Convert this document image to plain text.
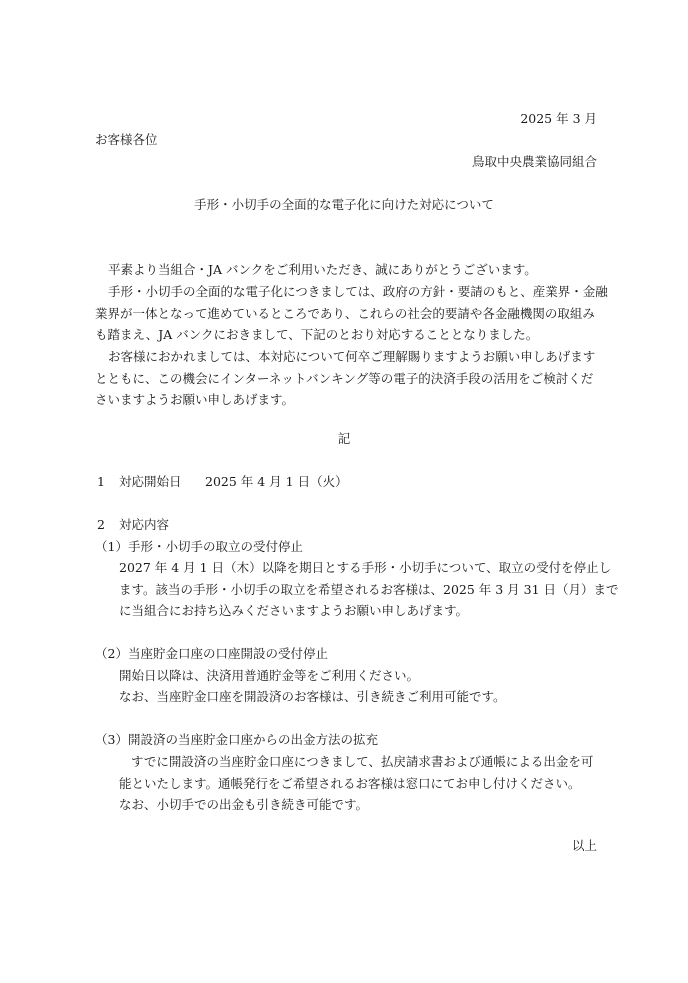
2025 年 3 月
お客様各位
鳥取中央農業協同組合
手形・小切手の全面的な電子化に向けた対応について
平素より当組合・JA バンクをご利用いただき、誠にありがとうございます。
手形・小切手の全面的な電子化につきましては、政府の方針・要請のもと、産業界・金融
業界が一体となって進めているところであり、これらの社会的要請や各金融機関の取組み
も踏まえ、JA バンクにおきまして、下記のとおり対応することとなりました。
お客様におかれましては、本対応について何卒ご理解賜りますようお願い申しあげます
とともに、この機会にインターネットバンキング等の電子的決済手段の活用をご検討くだ
さいますようお願い申しあげます。
記
1 対応開始日 2025 年 4 月 1 日（火）
2 対応内容
（1）手形・小切手の取立の受付停止
2027 年 4 月 1 日（木）以降を期日とする手形・小切手について、取立の受付を停止し
ます。該当の手形・小切手の取立を希望されるお客様は、2025 年 3 月 31 日（月）まで
に当組合にお持ち込みくださいますようお願い申しあげます。
（2）当座貯金口座の口座開設の受付停止
開始日以降は、決済用普通貯金等をご利用ください。
なお、当座貯金口座を開設済のお客様は、引き続きご利用可能です。
（3）開設済の当座貯金口座からの出金方法の拡充
すでに開設済の当座貯金口座につきまして、払戻請求書および通帳による出金を可
能といたします。通帳発行をご希望されるお客様は窓口にてお申し付けください。
なお、小切手での出金も引き続き可能です。
以上
